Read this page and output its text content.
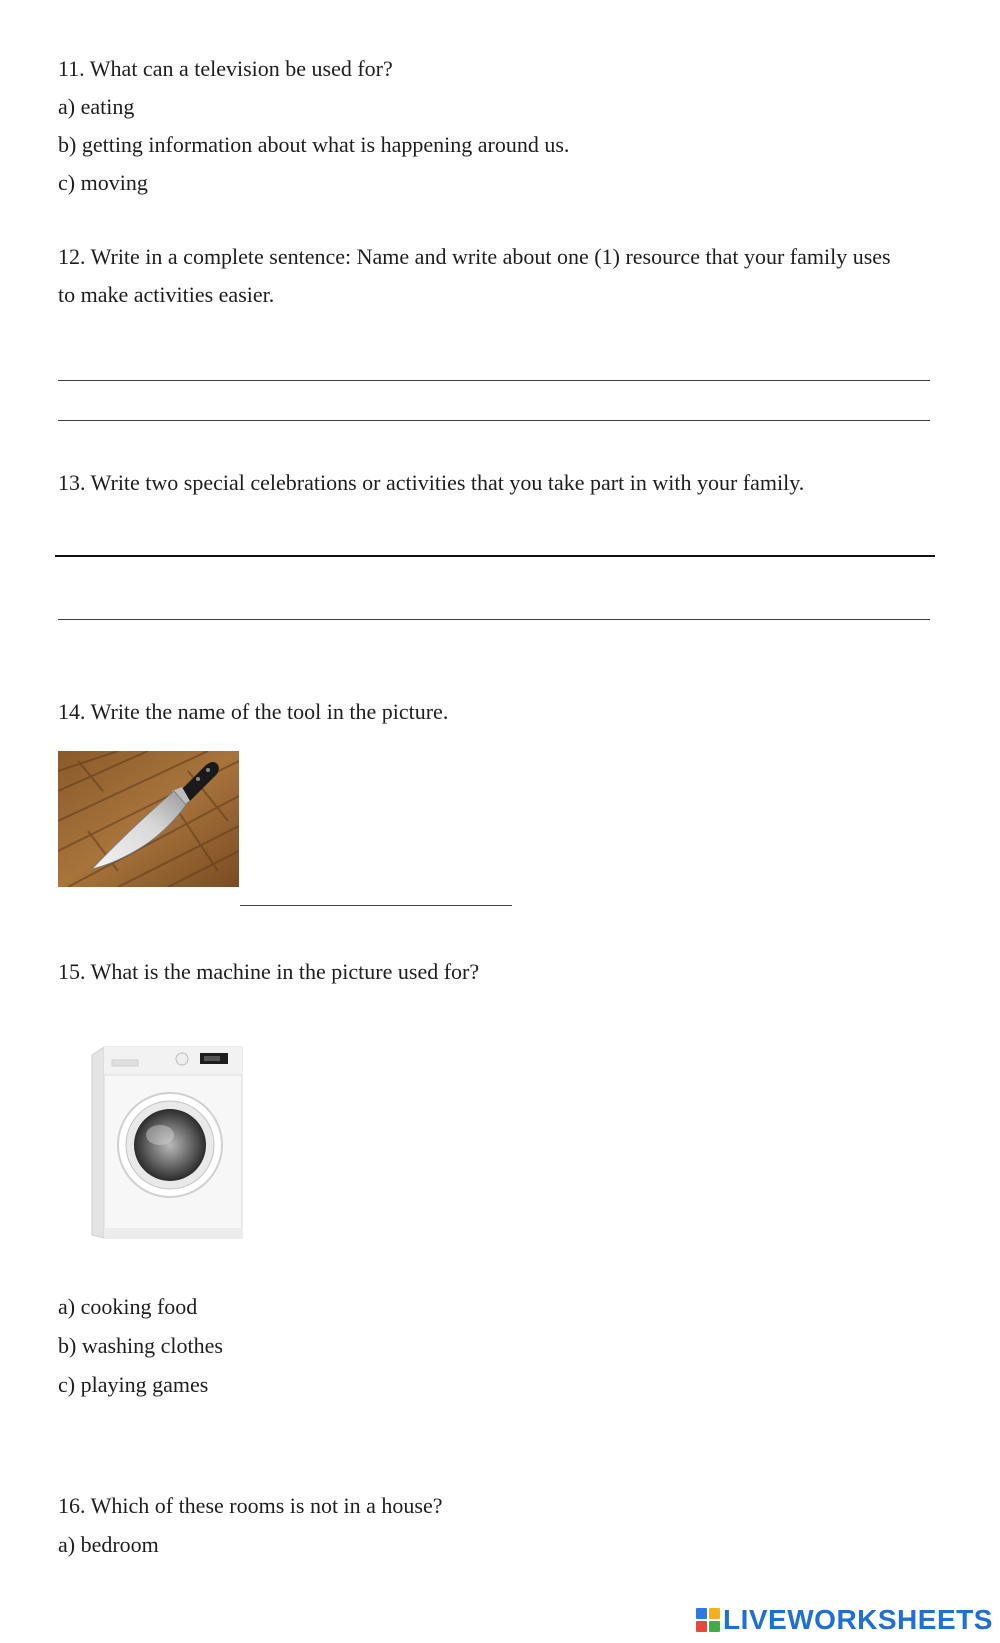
11. What can a television be used for?
a) eating
b) getting information about what is happening around us.
c) moving
12. Write in a complete sentence: Name and write about one (1) resource that your family uses
to make activities easier.
13. Write two special celebrations or activities that you take part in with your family.
14. Write the name of the tool in the picture.
15. What is the machine in the picture used for?
a) cooking food
b) washing clothes
c) playing games
16. Which of these rooms is not in a house?
a) bedroom
LIVEWORKSHEETS
